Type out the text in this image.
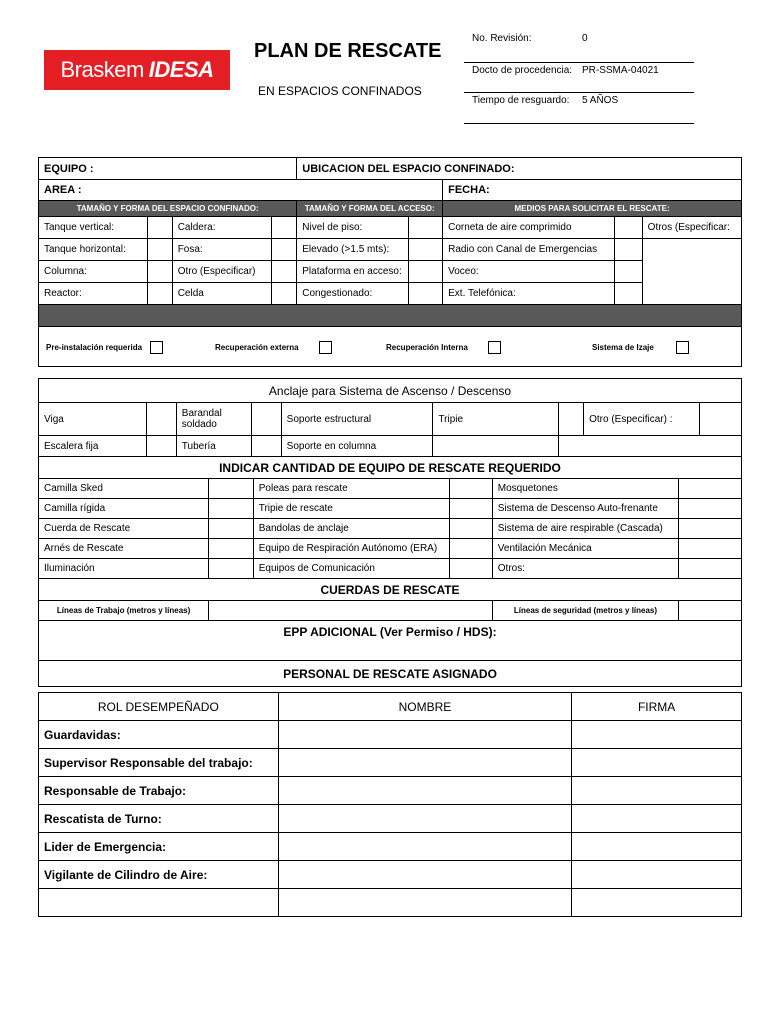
Braskem IDESA
PLAN DE RESCATE
EN ESPACIOS CONFINADOS
No. Revisión:	0
Docto de procedencia: PR-SSMA-04021
Tiempo de resguardo: 5 AÑOS
EQUIPO :				UBICACION DEL ESPACIO CONFINADO:				
AREA :						FECHA:		
TAMAÑO Y FORMA DEL ESPACIO CONFINADO:				TAMAÑO Y FORMA DEL ACCESO:		MEDIOS PARA SOLICITAR EL RESCATE:		
Tanque vertical:		Caldera:		Nivel de piso:		Corneta de aire comprimido		Otros (Especificar:
Tanque horizontal:		Fosa:		Elevado (>1.5 mts):		Radio con Canal de Emergencias		
Columna:		Otro (Especificar)		Plataforma en acceso:		Voceo:		
Reactor:		Celda		Congestionado:		Ext. Telefónica:		

Pre-instalación requerida	Recuperación externa	Recuperación Interna	Sistema de Izaje
Anclaje para Sistema de Ascenso / Descenso								
Viga		Barandal soldado		Soporte estructural	Tripie		Otro (Especificar) :	
Escalera fija		Tubería		Soporte en columna				
INDICAR CANTIDAD DE EQUIPO DE RESCATE REQUERIDO					
Camilla Sked		Poleas para rescate		Mosquetones	
Camilla rígida		Tripie de rescate		Sistema de Descenso Auto-frenante	
Cuerda de Rescate		Bandolas de anclaje		Sistema de aire respirable (Cascada)	
Arnés de Rescate		Equipo de Respiración Autónomo (ERA)		Ventilación Mecánica	
Iluminación		Equipos de Comunicación		Otros:	
CUERDAS DE RESCATE					
Líneas de Trabajo (metros y líneas)				Líneas de seguridad (metros y líneas)	
EPP ADICIONAL (Ver Permiso / HDS):					
PERSONAL DE RESCATE ASIGNADO					
ROL DESEMPEÑADO	NOMBRE	FIRMA
Guardavidas:		
Supervisor Responsable del trabajo:		
Responsable de Trabajo:		
Rescatista de Turno:		
Lider de Emergencia:		
Vigilante de Cilindro de Aire:		
